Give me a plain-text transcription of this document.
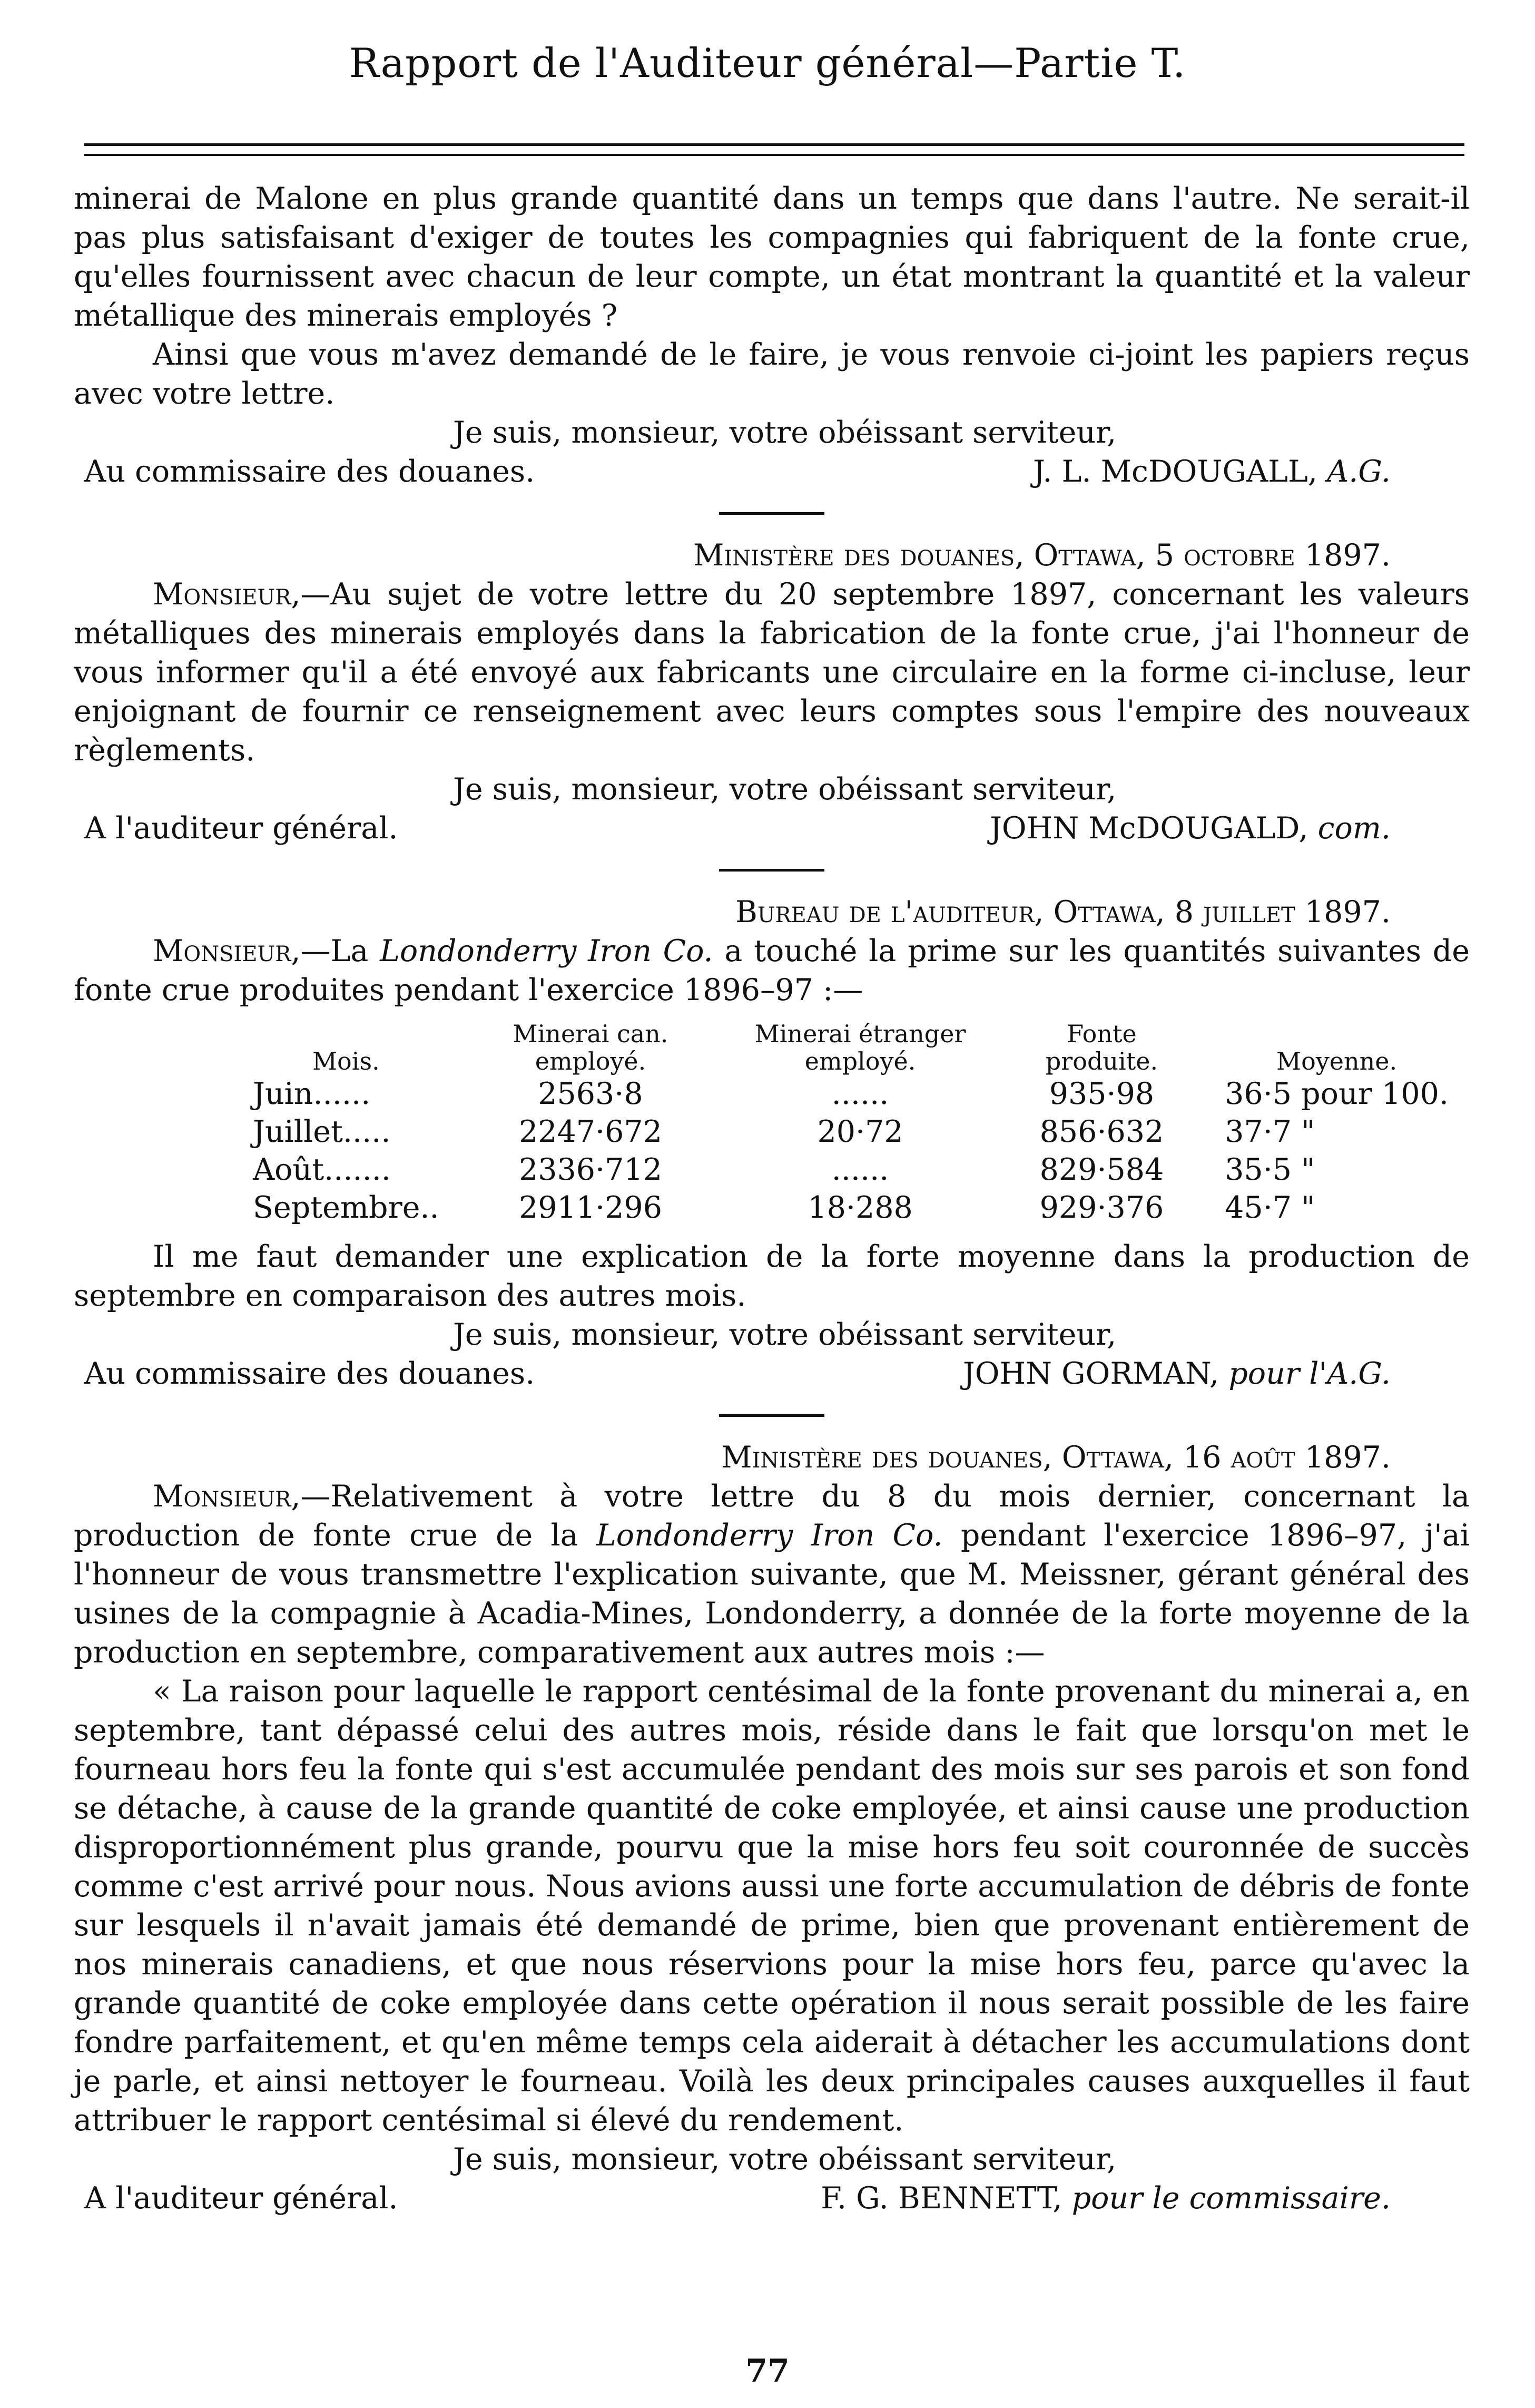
Rapport de l'Auditeur général—Partie T.

minerai de Malone en plus grande quantité dans un temps que dans l'autre. Ne serait-il pas plus satisfaisant d'exiger de toutes les compagnies qui fabriquent de la fonte crue, qu'elles fournissent avec chacun de leur compte, un état montrant la quantité et la valeur métallique des minerais employés ?

Ainsi que vous m'avez demandé de le faire, je vous renvoie ci-joint les papiers reçus avec votre lettre.

Je suis, monsieur, votre obéissant serviteur,
Au commissaire des douanes.	J. L. McDOUGALL, A.G.
Ministère des douanes, Ottawa, 5 octobre 1897.

Monsieur,—Au sujet de votre lettre du 20 septembre 1897, concernant les valeurs métalliques des minerais employés dans la fabrication de la fonte crue, j'ai l'honneur de vous informer qu'il a été envoyé aux fabricants une circulaire en la forme ci-incluse, leur enjoignant de fournir ce renseignement avec leurs comptes sous l'empire des nouveaux règlements.

Je suis, monsieur, votre obéissant serviteur,
A l'auditeur général.	JOHN McDOUGALD, com.
Bureau de l'auditeur, Ottawa, 8 juillet 1897.

Monsieur,—La Londonderry Iron Co. a touché la prime sur les quantités suivantes de fonte crue produites pendant l'exercice 1896–97 :—

Mois.	Minerai can. employé.	Minerai étranger employé.	Fonte produite.	Moyenne.
Juin......	2563·8	......	935·98	36·5 pour 100.
Juillet.....	2247·672	20·72	856·632	37·7 "
Août.......	2336·712	......	829·584	35·5 "
Septembre..	2911·296	18·288	929·376	45·7 "

Il me faut demander une explication de la forte moyenne dans la production de septembre en comparaison des autres mois.

Je suis, monsieur, votre obéissant serviteur,
Au commissaire des douanes.	JOHN GORMAN, pour l'A.G.
Ministère des douanes, Ottawa, 16 août 1897.

Monsieur,—Relativement à votre lettre du 8 du mois dernier, concernant la production de fonte crue de la Londonderry Iron Co. pendant l'exercice 1896–97, j'ai l'honneur de vous transmettre l'explication suivante, que M. Meissner, gérant général des usines de la compagnie à Acadia-Mines, Londonderry, a donnée de la forte moyenne de la production en septembre, comparativement aux autres mois :—

« La raison pour laquelle le rapport centésimal de la fonte provenant du minerai a, en septembre, tant dépassé celui des autres mois, réside dans le fait que lorsqu'on met le fourneau hors feu la fonte qui s'est accumulée pendant des mois sur ses parois et son fond se détache, à cause de la grande quantité de coke employée, et ainsi cause une production disproportionnément plus grande, pourvu que la mise hors feu soit couronnée de succès comme c'est arrivé pour nous. Nous avions aussi une forte accumulation de débris de fonte sur lesquels il n'avait jamais été demandé de prime, bien que provenant entièrement de nos minerais canadiens, et que nous réservions pour la mise hors feu, parce qu'avec la grande quantité de coke employée dans cette opération il nous serait possible de les faire fondre parfaitement, et qu'en même temps cela aiderait à détacher les accumulations dont je parle, et ainsi nettoyer le fourneau. Voilà les deux principales causes auxquelles il faut attribuer le rapport centésimal si élevé du rendement.

Je suis, monsieur, votre obéissant serviteur,
A l'auditeur général.	F. G. BENNETT, pour le commissaire.
77
